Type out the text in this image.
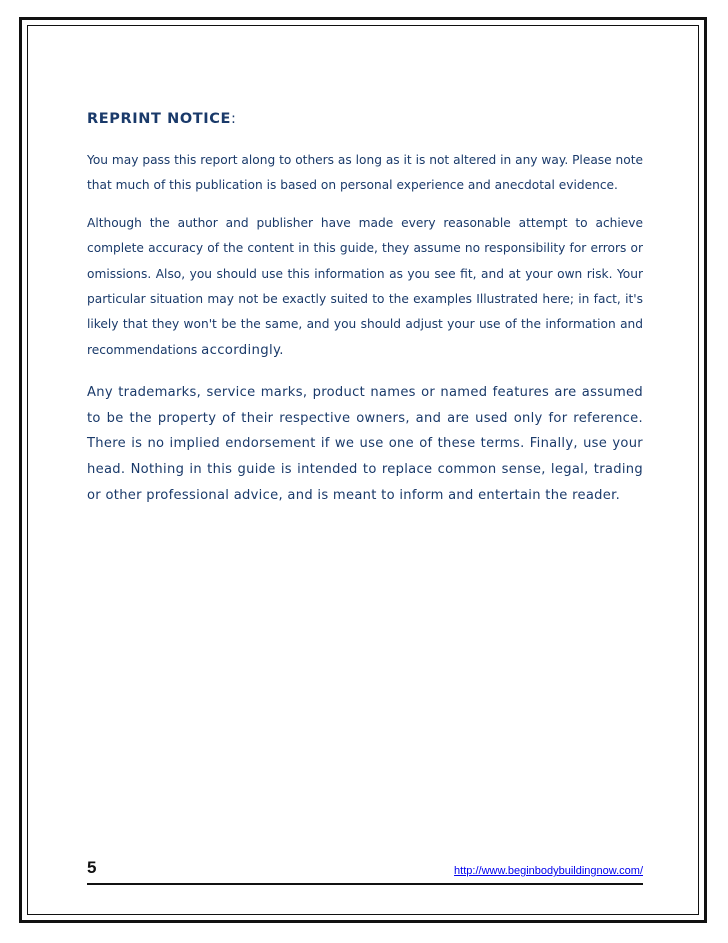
REPRINT NOTICE:

You may pass this report along to others as long as it is not altered in any way. Please note that much of this publication is based on personal experience and anecdotal evidence.

Although the author and publisher have made every reasonable attempt to achieve complete accuracy of the content in this guide, they assume no responsibility for errors or omissions. Also, you should use this information as you see fit, and at your own risk. Your particular situation may not be exactly suited to the examples Illustrated here; in fact, it's likely that they won't be the same, and you should adjust your use of the information and recommendations accordingly.

Any trademarks, service marks, product names or named features are assumed to be the property of their respective owners, and are used only for reference. There is no implied endorsement if we use one of these terms. Finally, use your head. Nothing in this guide is intended to replace common sense, legal, trading or other professional advice, and is meant to inform and entertain the reader.

5	http://www.beginbodybuildingnow.com/
